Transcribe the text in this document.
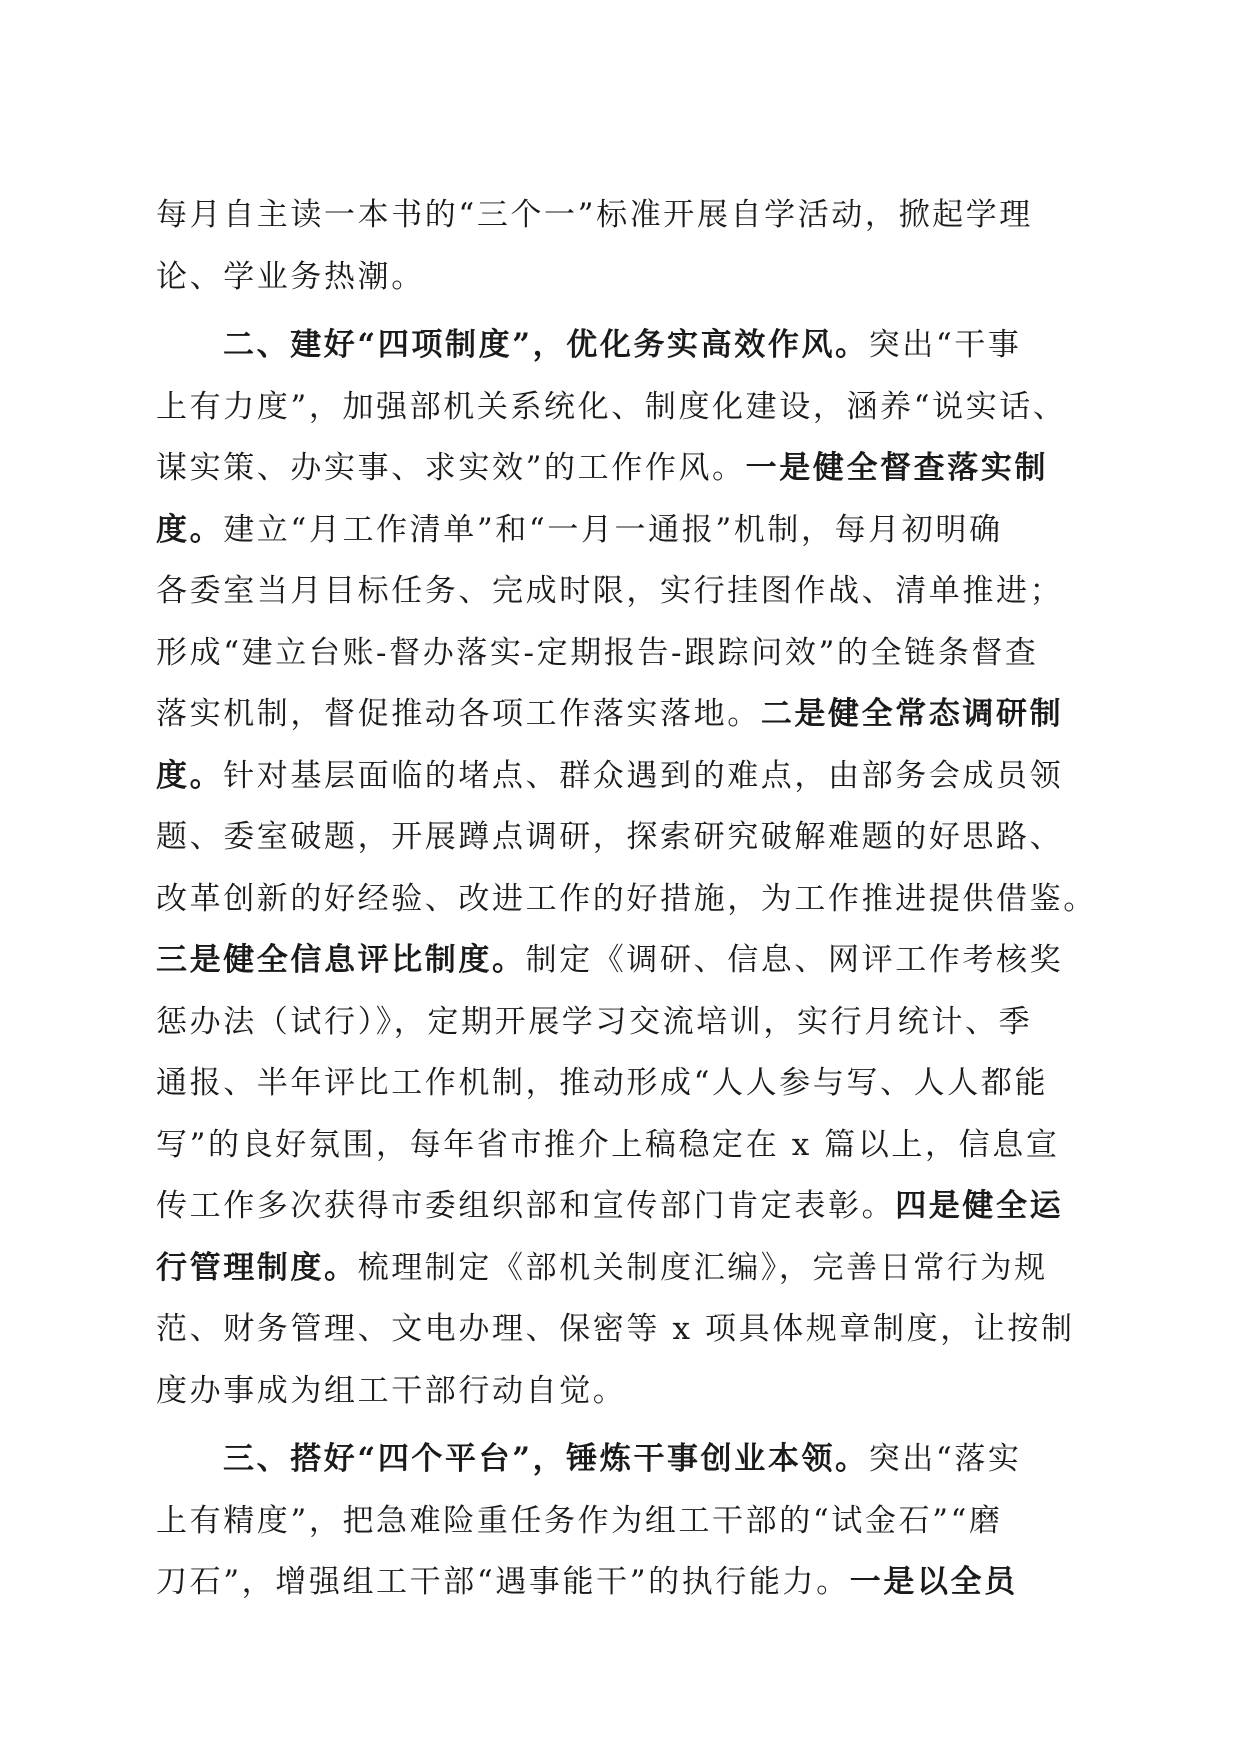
每月自主读一本书的“三个一”标准开展自学活动，掀起学理
论、学业务热潮。
二、建好“四项制度”，优化务实高效作风。突出“干事
上有力度”，加强部机关系统化、制度化建设，涵养“说实话、
谋实策、办实事、求实效”的工作作风。一是健全督查落实制
度。建立“月工作清单”和“一月一通报”机制，每月初明确
各委室当月目标任务、完成时限，实行挂图作战、清单推进；
形成“建立台账-督办落实-定期报告-跟踪问效”的全链条督查
落实机制，督促推动各项工作落实落地。二是健全常态调研制
度。针对基层面临的堵点、群众遇到的难点，由部务会成员领
题、委室破题，开展蹲点调研，探索研究破解难题的好思路、
改革创新的好经验、改进工作的好措施，为工作推进提供借鉴。
三是健全信息评比制度。制定《调研、信息、网评工作考核奖
惩办法（试行）》，定期开展学习交流培训，实行月统计、季
通报、半年评比工作机制，推动形成“人人参与写、人人都能
写”的良好氛围，每年省市推介上稿稳定在 x 篇以上，信息宣
传工作多次获得市委组织部和宣传部门肯定表彰。四是健全运
行管理制度。梳理制定《部机关制度汇编》，完善日常行为规
范、财务管理、文电办理、保密等 x 项具体规章制度，让按制
度办事成为组工干部行动自觉。
三、搭好“四个平台”，锤炼干事创业本领。突出“落实
上有精度”，把急难险重任务作为组工干部的“试金石”“磨
刀石”，增强组工干部“遇事能干”的执行能力。一是以全员
